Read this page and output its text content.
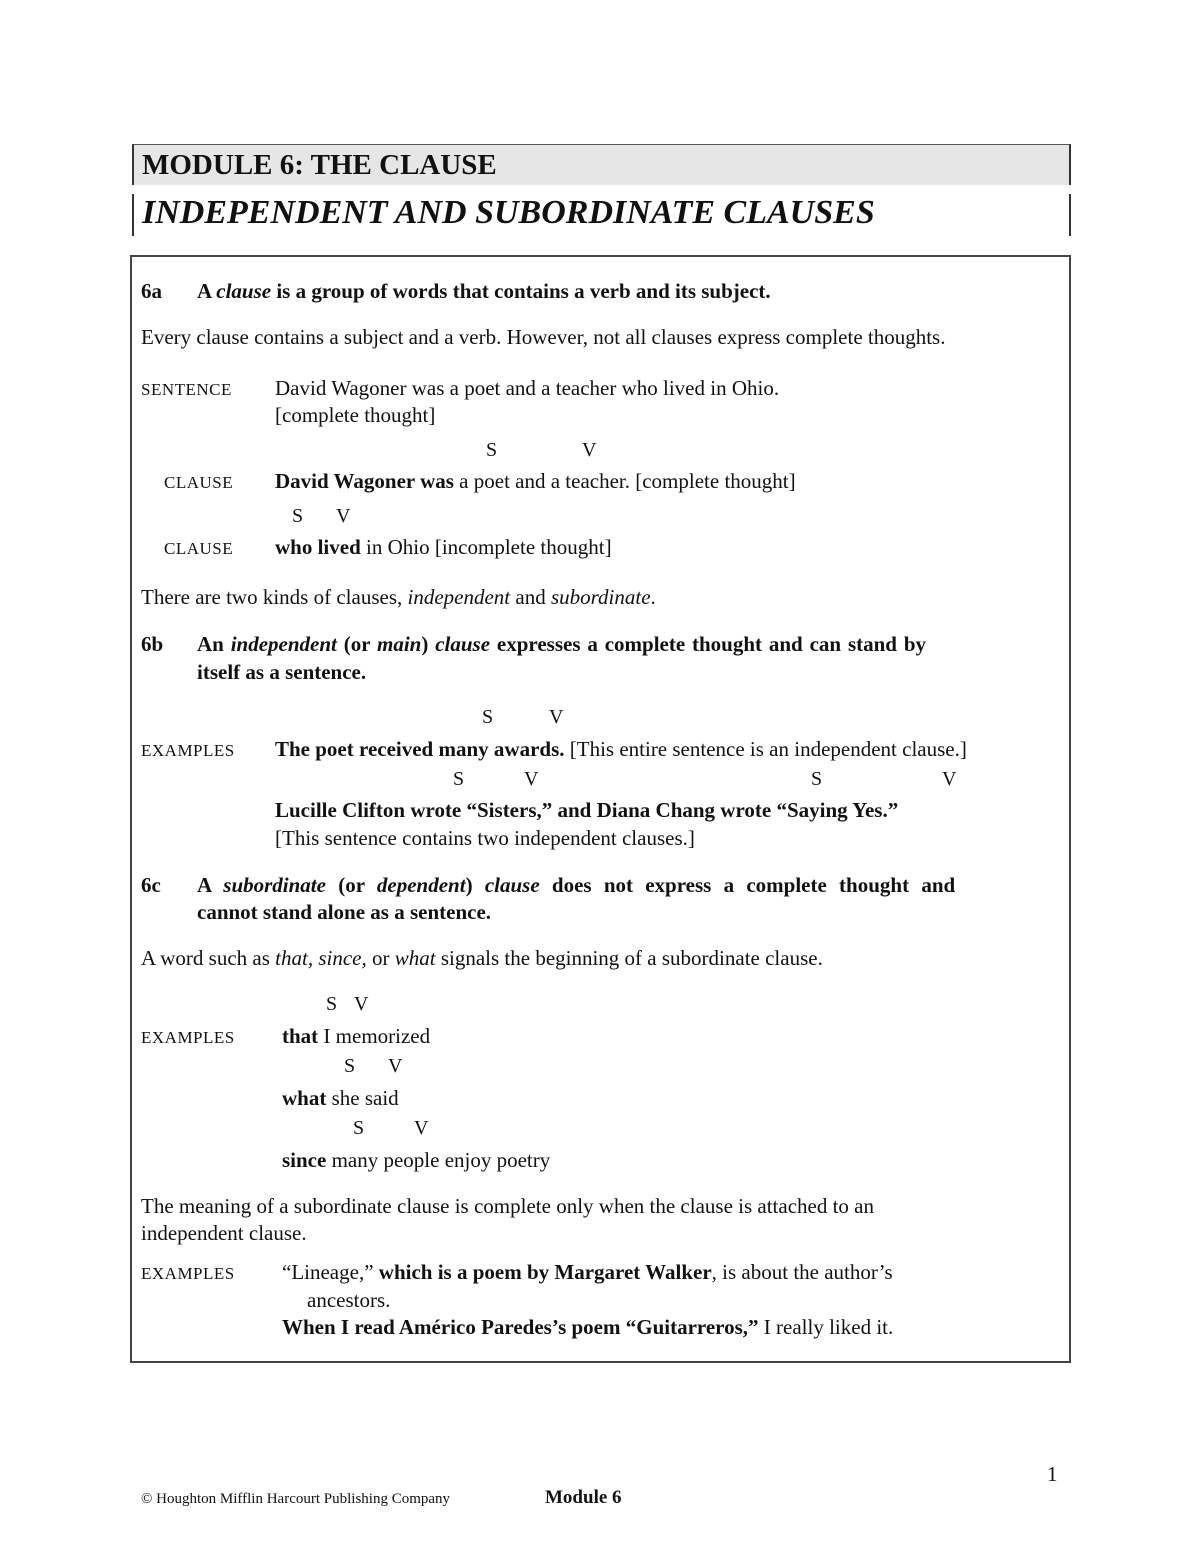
MODULE 6: THE CLAUSE
INDEPENDENT AND SUBORDINATE CLAUSES
6a A clause is a group of words that contains a verb and its subject.
Every clause contains a subject and a verb. However, not all clauses express complete thoughts.
SENTENCE David Wagoner was a poet and a teacher who lived in Ohio.
[complete thought]
S	V
CLAUSE David Wagoner was a poet and a teacher. [complete thought]
S V
CLAUSE who lived in Ohio [incomplete thought]
There are two kinds of clauses, independent and subordinate.
6b An independent (or main) clause expresses a complete thought and can stand by
itself as a sentence.
S	V
EXAMPLES The poet received many awards. [This entire sentence is an independent clause.]
S	V	S	V
Lucille Clifton wrote “Sisters,” and Diana Chang wrote “Saying Yes.”
[This sentence contains two independent clauses.]
6c A subordinate (or dependent) clause does not express a complete thought and
cannot stand alone as a sentence.
A word such as that, since, or what signals the beginning of a subordinate clause.
S V
EXAMPLES that I memorized
S V
what she said
S V
since many people enjoy poetry
The meaning of a subordinate clause is complete only when the clause is attached to an
independent clause.
EXAMPLES “Lineage,” which is a poem by Margaret Walker, is about the author’s
ancestors.
When I read Américo Paredes’s poem “Guitarreros,” I really liked it.
1
© Houghton Mifflin Harcourt Publishing Company	Module 6
